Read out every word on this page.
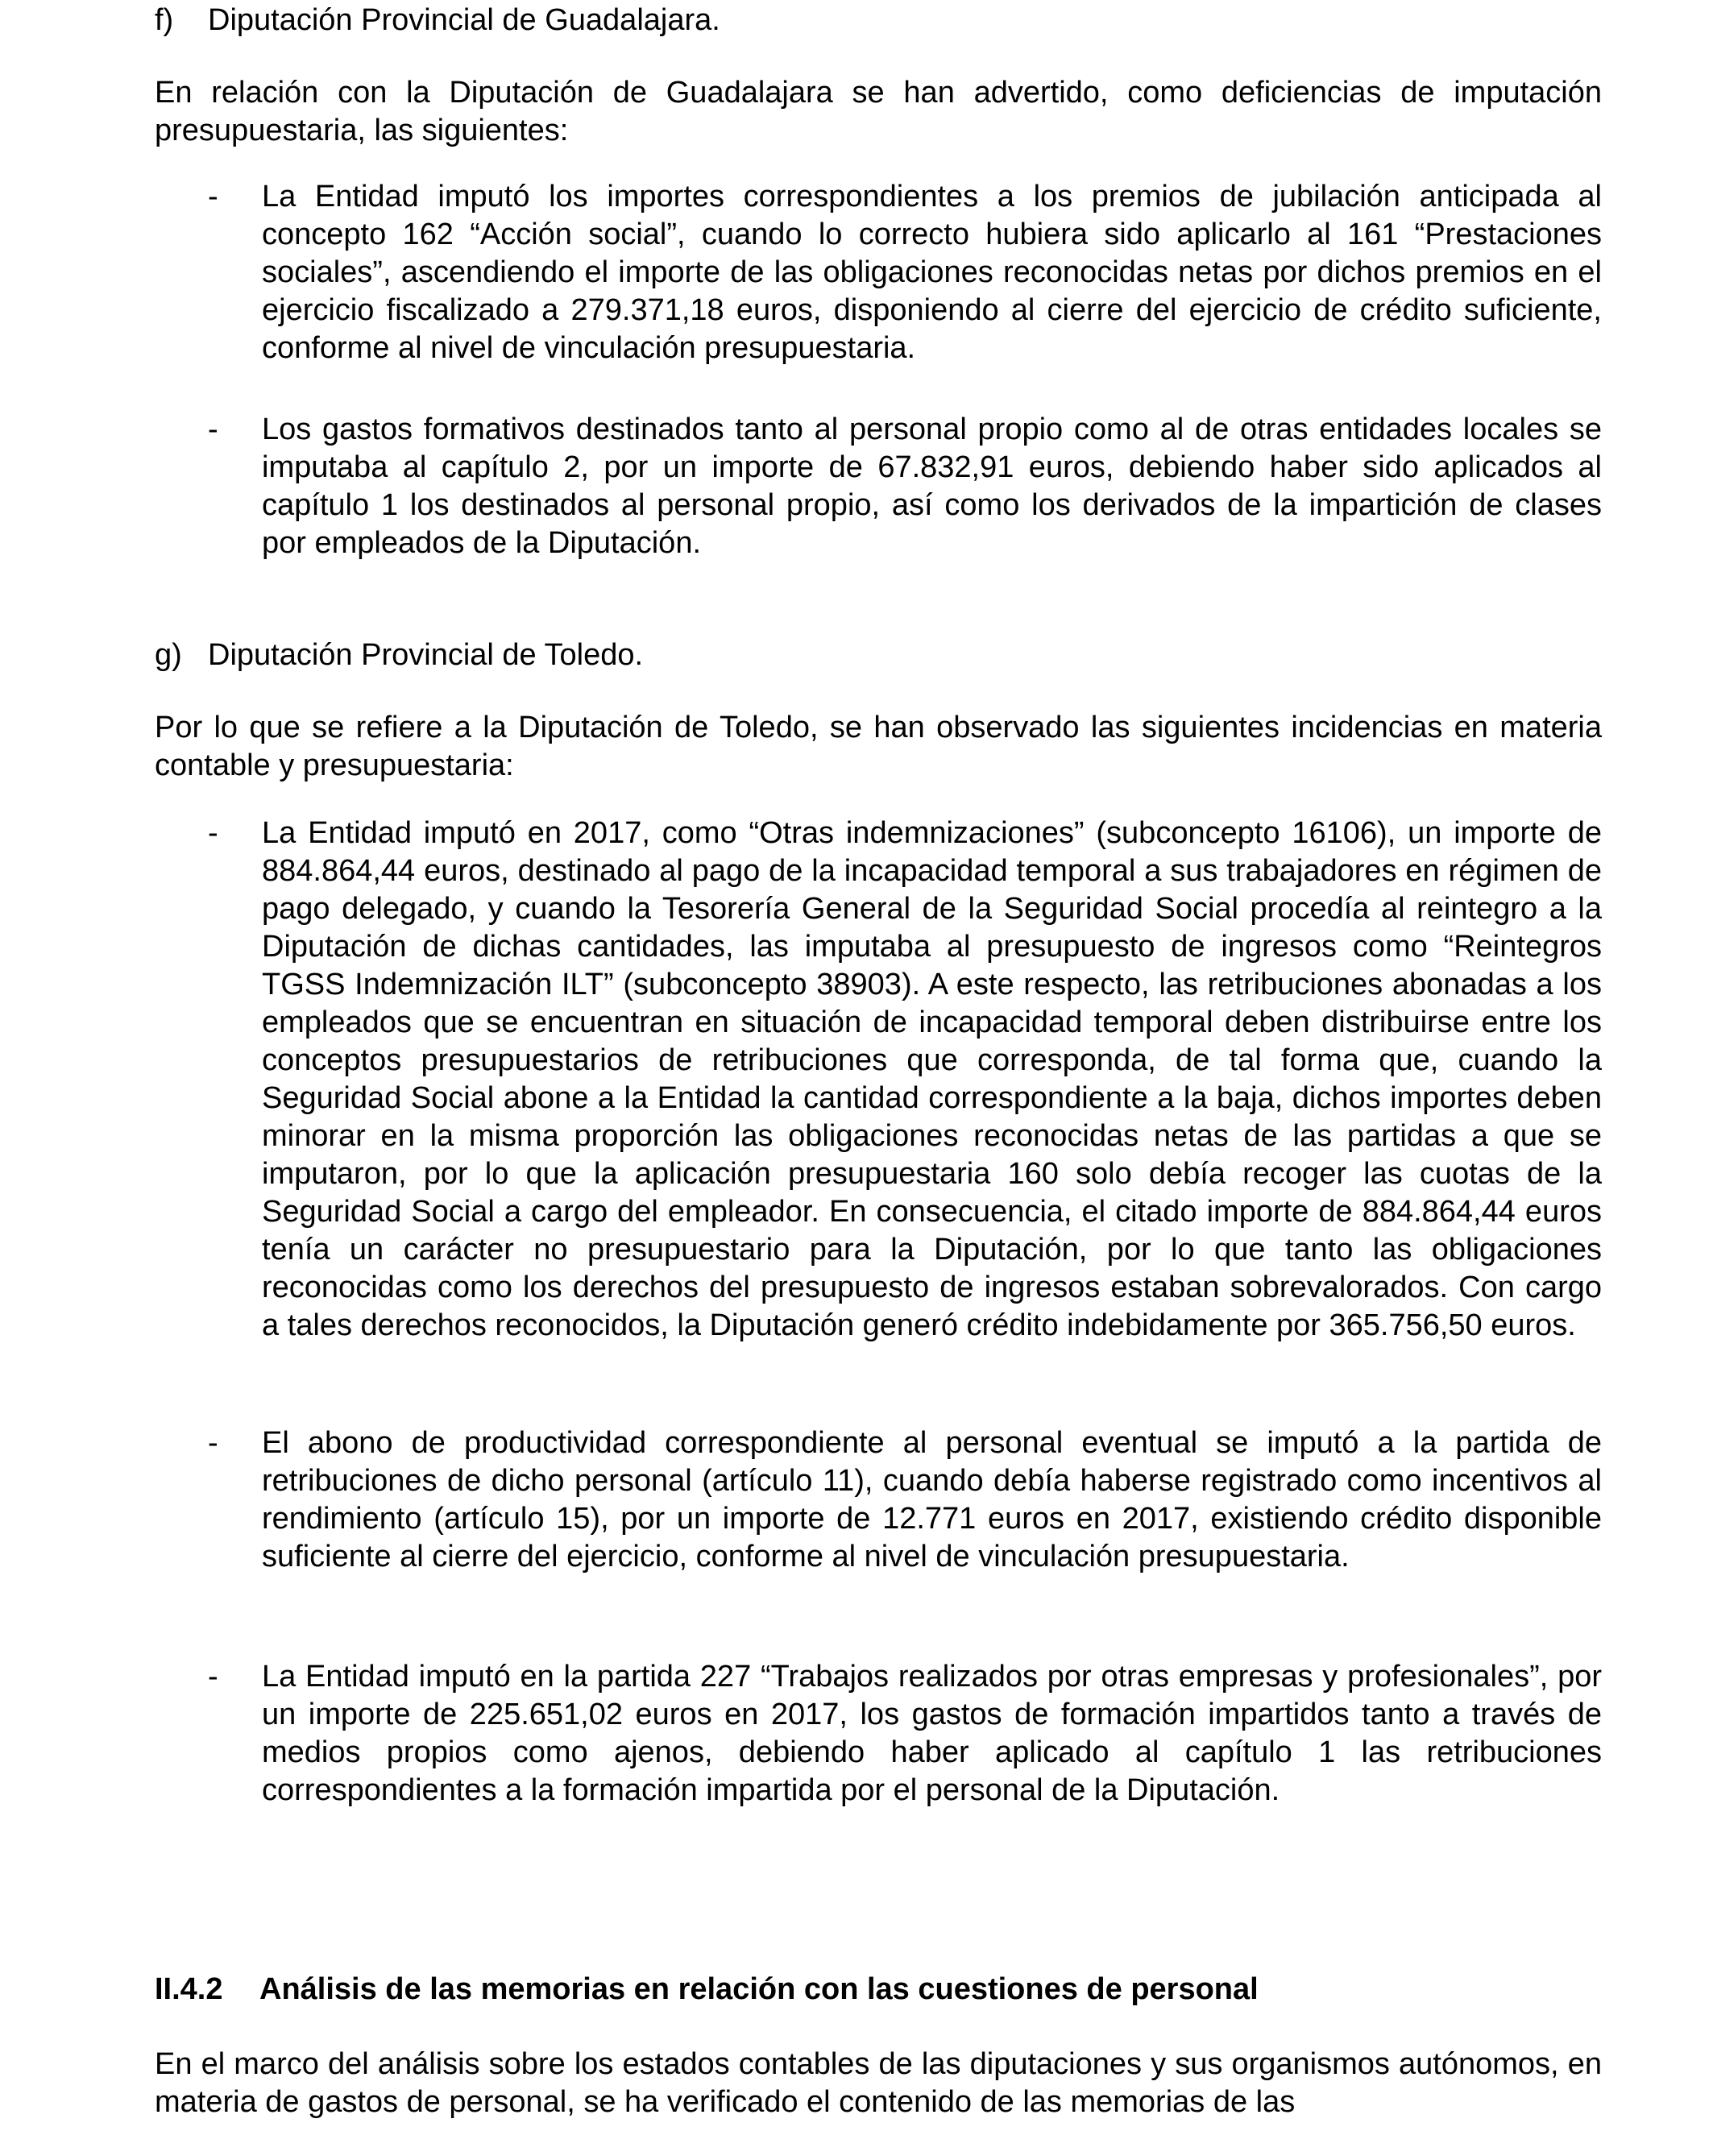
f) Diputación Provincial de Guadalajara.
En relación con la Diputación de Guadalajara se han advertido, como deficiencias de imputación presupuestaria, las siguientes:
- La Entidad imputó los importes correspondientes a los premios de jubilación anticipada al concepto 162 “Acción social”, cuando lo correcto hubiera sido aplicarlo al 161 “Prestaciones sociales”, ascendiendo el importe de las obligaciones reconocidas netas por dichos premios en el ejercicio fiscalizado a 279.371,18 euros, disponiendo al cierre del ejercicio de crédito suficiente, conforme al nivel de vinculación presupuestaria.
- Los gastos formativos destinados tanto al personal propio como al de otras entidades locales se imputaba al capítulo 2, por un importe de 67.832,91 euros, debiendo haber sido aplicados al capítulo 1 los destinados al personal propio, así como los derivados de la impartición de clases por empleados de la Diputación.
g) Diputación Provincial de Toledo.
Por lo que se refiere a la Diputación de Toledo, se han observado las siguientes incidencias en materia contable y presupuestaria:
- La Entidad imputó en 2017, como “Otras indemnizaciones” (subconcepto 16106), un importe de 884.864,44 euros, destinado al pago de la incapacidad temporal a sus trabajadores en régimen de pago delegado, y cuando la Tesorería General de la Seguridad Social procedía al reintegro a la Diputación de dichas cantidades, las imputaba al presupuesto de ingresos como “Reintegros TGSS Indemnización ILT” (subconcepto 38903). A este respecto, las retribuciones abonadas a los empleados que se encuentran en situación de incapacidad temporal deben distribuirse entre los conceptos presupuestarios de retribuciones que corresponda, de tal forma que, cuando la Seguridad Social abone a la Entidad la cantidad correspondiente a la baja, dichos importes deben minorar en la misma proporción las obligaciones reconocidas netas de las partidas a que se imputaron, por lo que la aplicación presupuestaria 160 solo debía recoger las cuotas de la Seguridad Social a cargo del empleador. En consecuencia, el citado importe de 884.864,44 euros tenía un carácter no presupuestario para la Diputación, por lo que tanto las obligaciones reconocidas como los derechos del presupuesto de ingresos estaban sobrevalorados. Con cargo a tales derechos reconocidos, la Diputación generó crédito indebidamente por 365.756,50 euros.
- El abono de productividad correspondiente al personal eventual se imputó a la partida de retribuciones de dicho personal (artículo 11), cuando debía haberse registrado como incentivos al rendimiento (artículo 15), por un importe de 12.771 euros en 2017, existiendo crédito disponible suficiente al cierre del ejercicio, conforme al nivel de vinculación presupuestaria.
- La Entidad imputó en la partida 227 “Trabajos realizados por otras empresas y profesionales”, por un importe de 225.651,02 euros en 2017, los gastos de formación impartidos tanto a través de medios propios como ajenos, debiendo haber aplicado al capítulo 1 las retribuciones correspondientes a la formación impartida por el personal de la Diputación.
II.4.2 Análisis de las memorias en relación con las cuestiones de personal
En el marco del análisis sobre los estados contables de las diputaciones y sus organismos autónomos, en materia de gastos de personal, se ha verificado el contenido de las memorias de las
